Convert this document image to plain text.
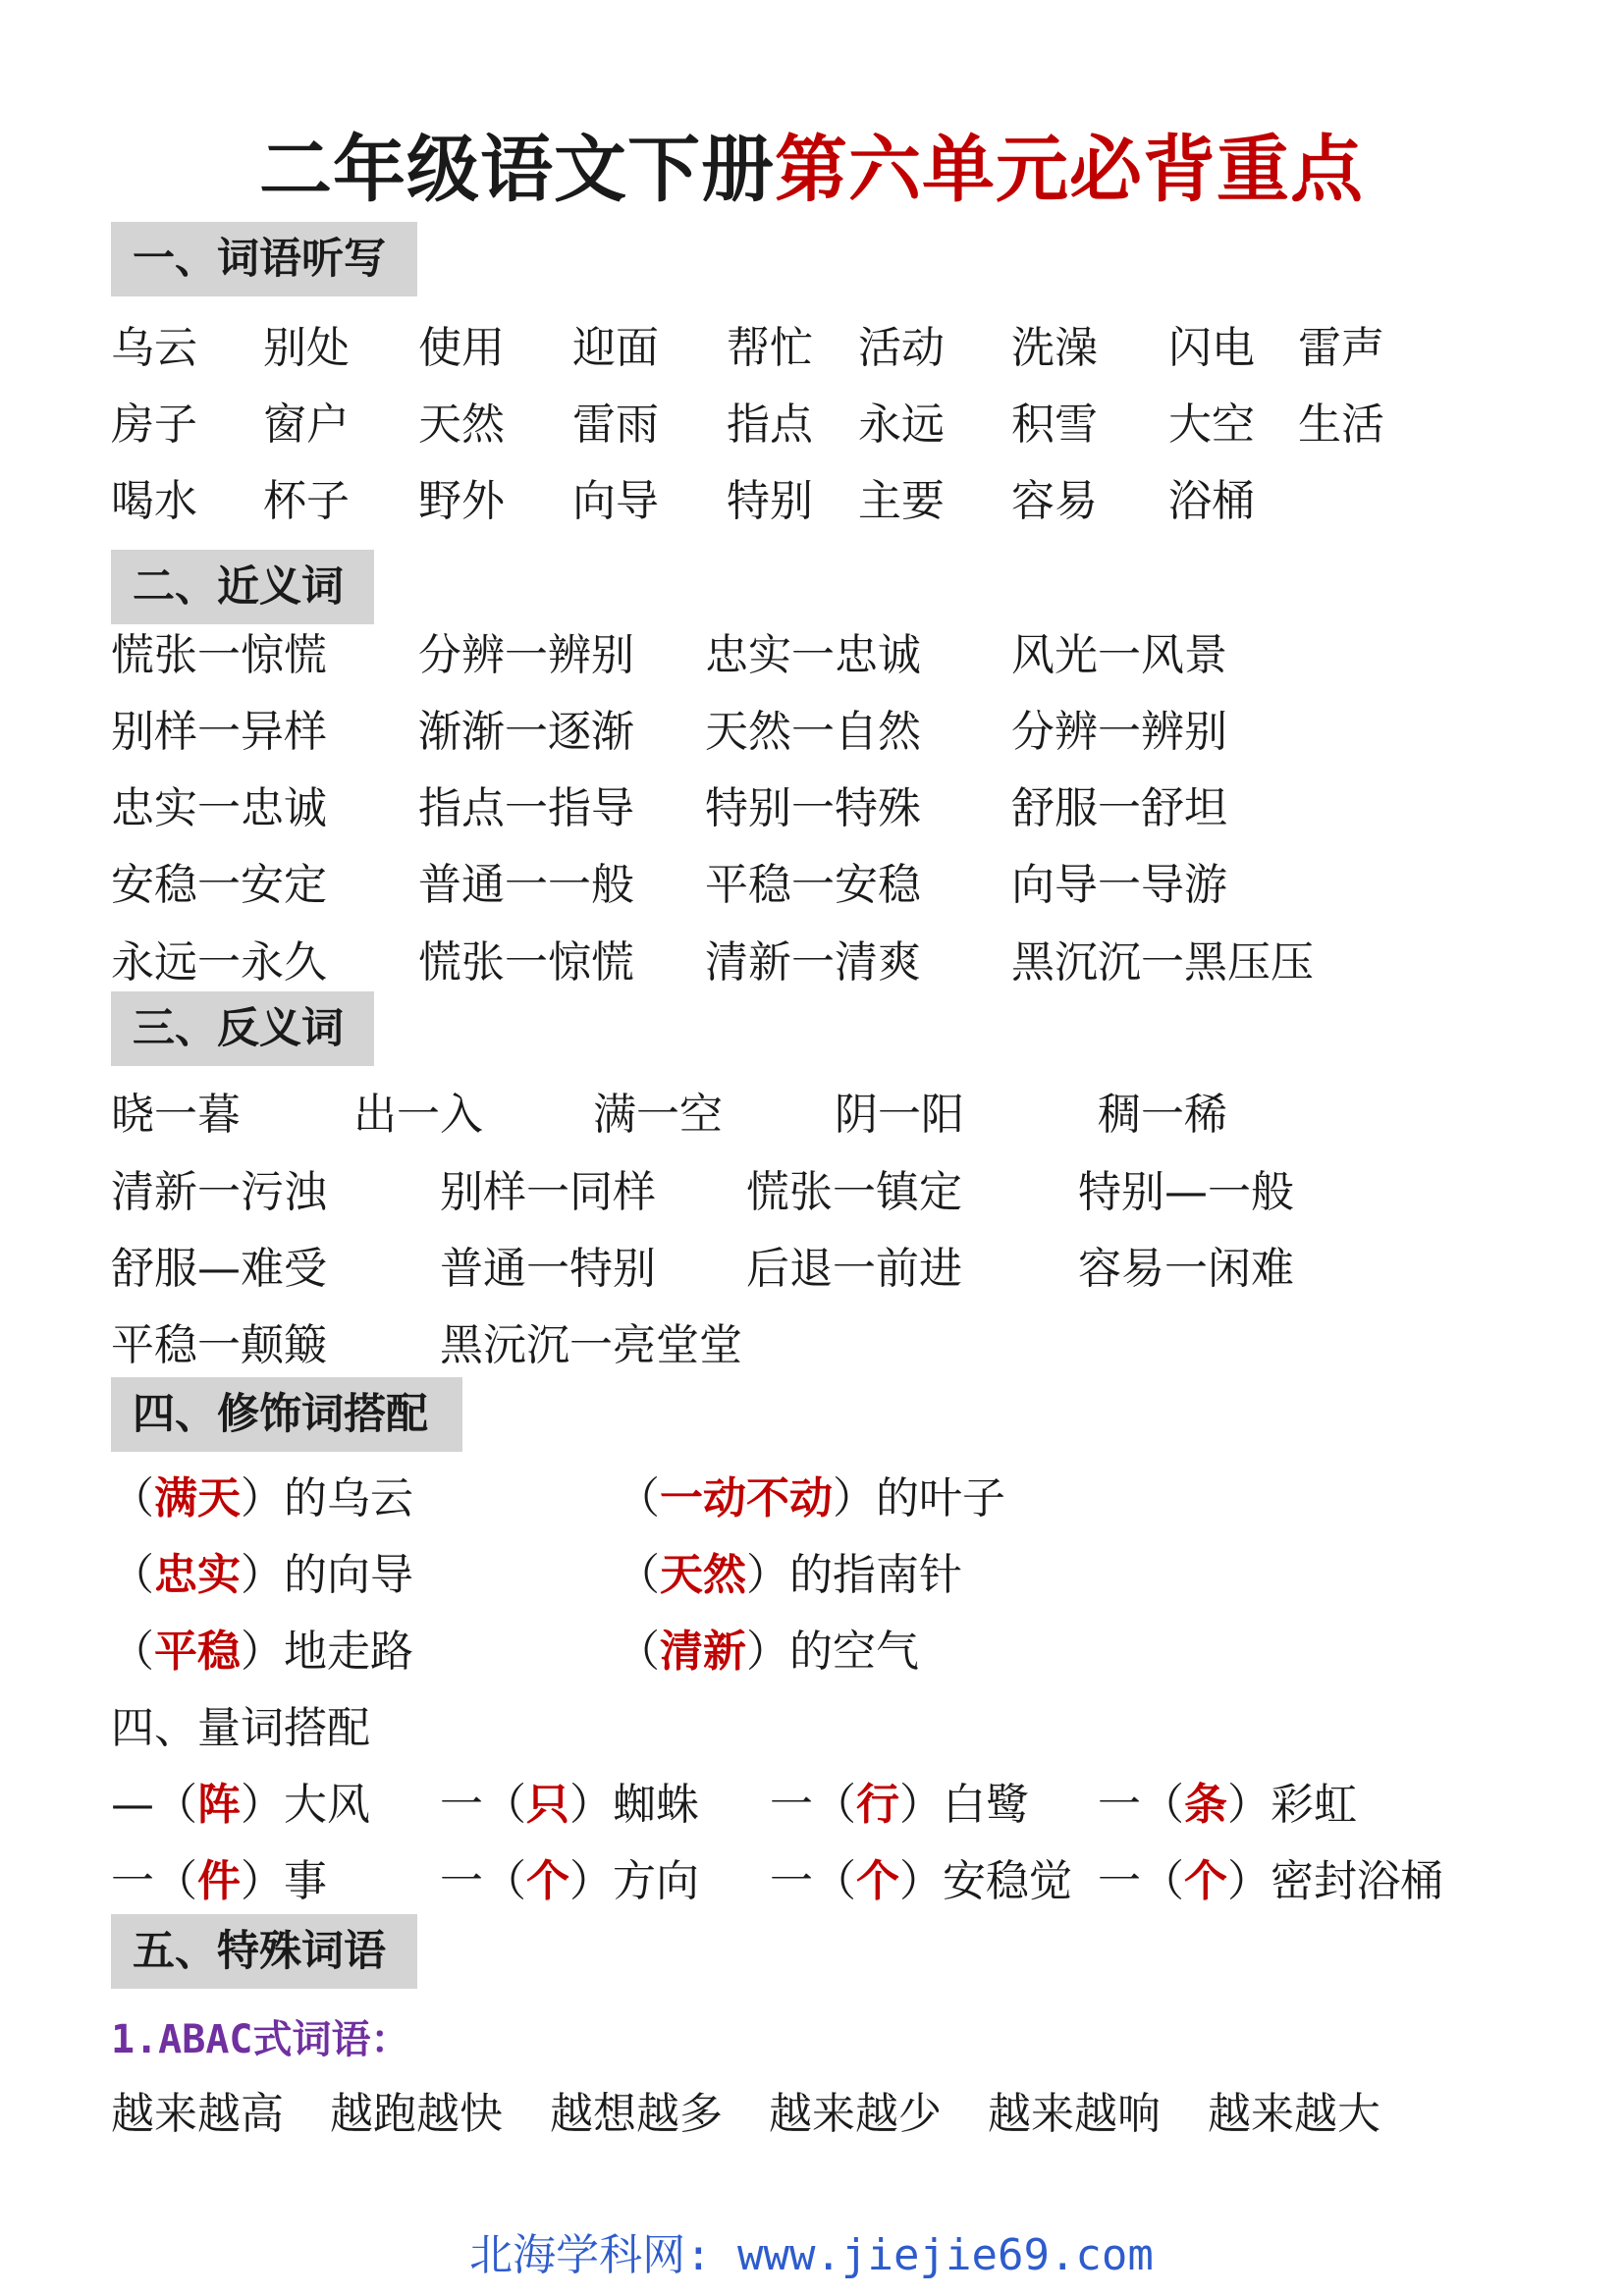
二年级语文下册第六单元必背重点
一、词语听写
乌云 别处 使用 迎面 帮忙 活动 洗澡 闪电 雷声
房子 窗户 天然 雷雨 指点 永远 积雪 大空 生活
喝水 杯子 野外 向导 特别 主要 容易 浴桶
二、近义词
慌张一惊慌 分辨一辨别 忠实一忠诚 风光一风景
别样一异样 渐渐一逐渐 天然一自然 分辨一辨别
忠实一忠诚 指点一指导 特别一特殊 舒服一舒坦
安稳一安定 普通一一般 平稳一安稳 向导一导游
永远一永久 慌张一惊慌 清新一清爽 黑沉沉一黑压压
三、反义词
晓一暮	出一入	满一空	阴一阳	稠一稀
清新一污浊	别样一同样 慌张一镇定	特别—一般
舒服—难受	普通一特别 后退一前进	容易一闲难
平稳一颠簸	黑沅沉一亮堂堂
四、修饰词搭配
（满天）的乌云	（一动不动）的叶子
（忠实）的向导	（天然）的指南针
（平稳）地走路	（清新）的空气
四、量词搭配
—（阵）大风 一（只）蜘蛛 一（行）白鹭 一（条）彩虹
一（件）事	一（个）方向 一（个）安稳觉 一（个）密封浴桶
五、特殊词语
1.ABAC式词语：
越来越高 越跑越快 越想越多 越来越少 越来越响 越来越大
北海学科网: www.jiejie69.com
